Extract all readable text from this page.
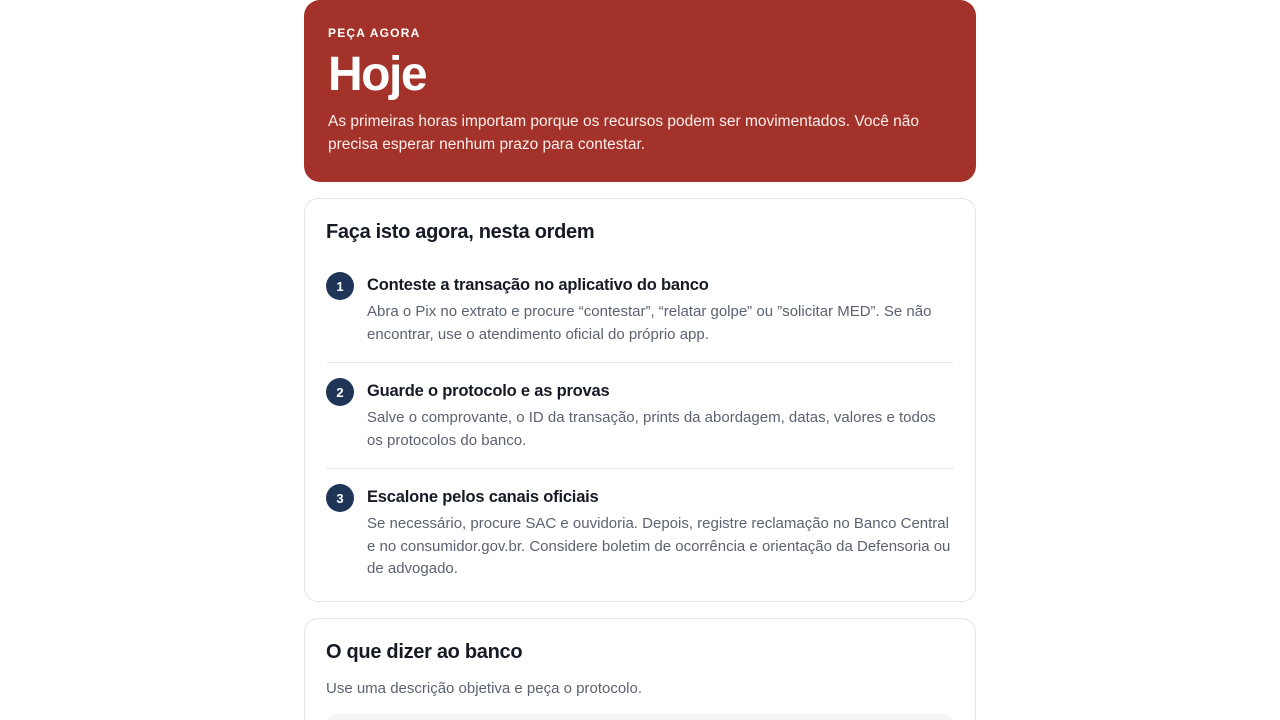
PEÇA AGORA

Hoje

As primeiras horas importam porque os recursos podem ser movimentados. Você não precisa esperar nenhum prazo para contestar.

Faça isto agora, nesta ordem
1	Conteste a transação no aplicativo do banco

Abra o Pix no extrato e procure “contestar”, “relatar golpe” ou ”solicitar MED”. Se não encontrar, use o atendimento oficial do próprio app.

2	Guarde o protocolo e as provas

Salve o comprovante, o ID da transação, prints da abordagem, datas, valores e todos os protocolos do banco.

3	Escalone pelos canais oficiais

Se necessário, procure SAC e ouvidoria. Depois, registre reclamação no Banco Central e no consumidor.gov.br. Considere boletim de ocorrência e orientação da Defensoria ou de advogado.

O que dizer ao banco

Use uma descrição objetiva e peça o protocolo.
